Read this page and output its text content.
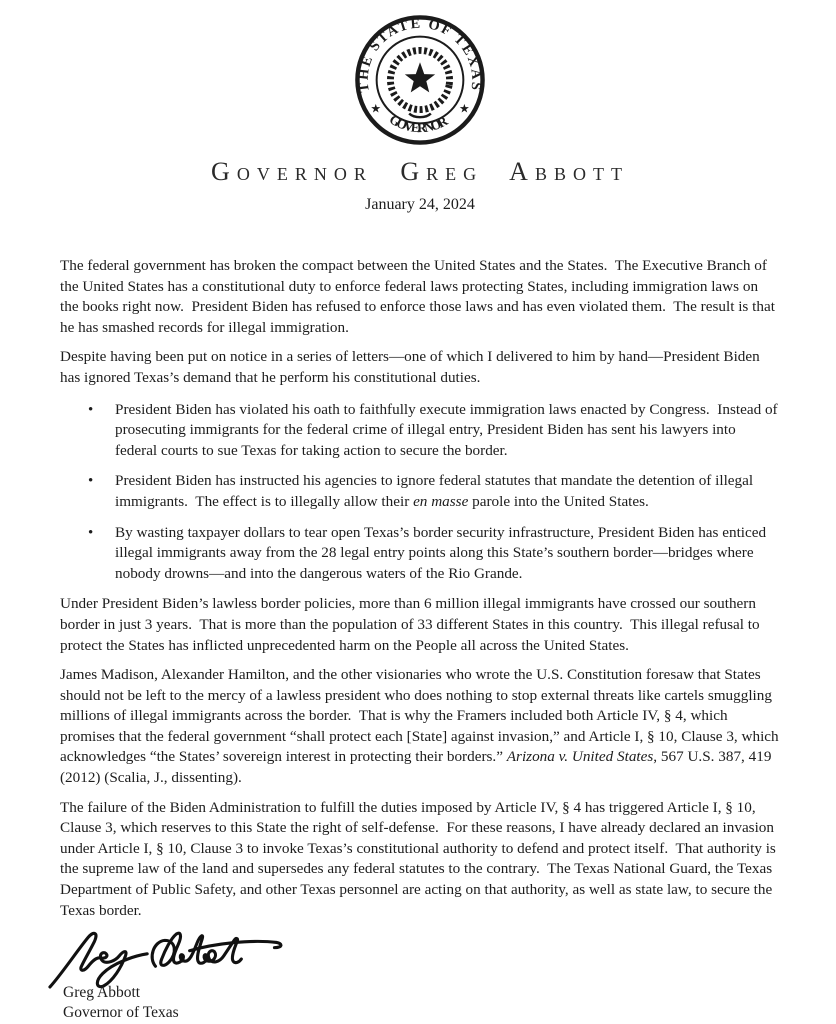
THE STATE OF TEXAS
GOVERNOR
★	★
Governor Greg Abbott
January 24, 2024

The federal government has broken the compact between the United States and the States.  The Executive Branch of the United States has a constitutional duty to enforce federal laws protecting States, including immigration laws on the books right now.  President Biden has refused to enforce those laws and has even violated them.  The result is that he has smashed records for illegal immigration.

Despite having been put on notice in a series of letters—one of which I delivered to him by hand—President Biden has ignored Texas’s demand that he perform his constitutional duties.

•	President Biden has violated his oath to faithfully execute immigration laws enacted by Congress.  Instead of prosecuting immigrants for the federal crime of illegal entry, President Biden has sent his lawyers into federal courts to sue Texas for taking action to secure the border.
•	President Biden has instructed his agencies to ignore federal statutes that mandate the detention of illegal immigrants.  The effect is to illegally allow their en masse parole into the United States.
•	By wasting taxpayer dollars to tear open Texas’s border security infrastructure, President Biden has enticed illegal immigrants away from the 28 legal entry points along this State’s southern border—bridges where nobody drowns—and into the dangerous waters of the Rio Grande.

Under President Biden’s lawless border policies, more than 6 million illegal immigrants have crossed our southern border in just 3 years.  That is more than the population of 33 different States in this country.  This illegal refusal to protect the States has inflicted unprecedented harm on the People all across the United States.

James Madison, Alexander Hamilton, and the other visionaries who wrote the U.S. Constitution foresaw that States should not be left to the mercy of a lawless president who does nothing to stop external threats like cartels smuggling millions of illegal immigrants across the border.  That is why the Framers included both Article IV, § 4, which promises that the federal government “shall protect each [State] against invasion,” and Article I, § 10, Clause 3, which acknowledges “the States’ sovereign interest in protecting their borders.” Arizona v. United States, 567 U.S. 387, 419 (2012) (Scalia, J., dissenting).

The failure of the Biden Administration to fulfill the duties imposed by Article IV, § 4 has triggered Article I, § 10, Clause 3, which reserves to this State the right of self-defense.  For these reasons, I have already declared an invasion under Article I, § 10, Clause 3 to invoke Texas’s constitutional authority to defend and protect itself.  That authority is the supreme law of the land and supersedes any federal statutes to the contrary.  The Texas National Guard, the Texas Department of Public Safety, and other Texas personnel are acting on that authority, as well as state law, to secure the Texas border.

Greg Abbott
Governor of Texas
